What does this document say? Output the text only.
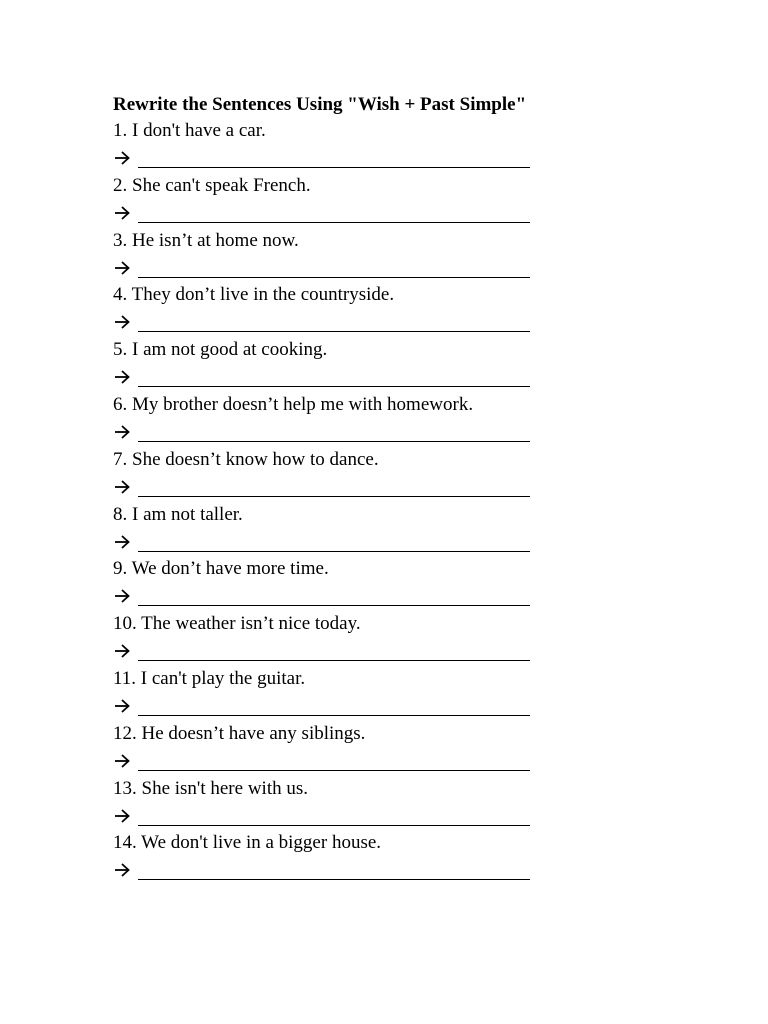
Rewrite the Sentences Using "Wish + Past Simple"
1. I don't have a car.
2. She can't speak French.
3. He isn’t at home now.
4. They don’t live in the countryside.
5. I am not good at cooking.
6. My brother doesn’t help me with homework.
7. She doesn’t know how to dance.
8. I am not taller.
9. We don’t have more time.
10. The weather isn’t nice today.
11. I can't play the guitar.
12. He doesn’t have any siblings.
13. She isn't here with us.
14. We don't live in a bigger house.
